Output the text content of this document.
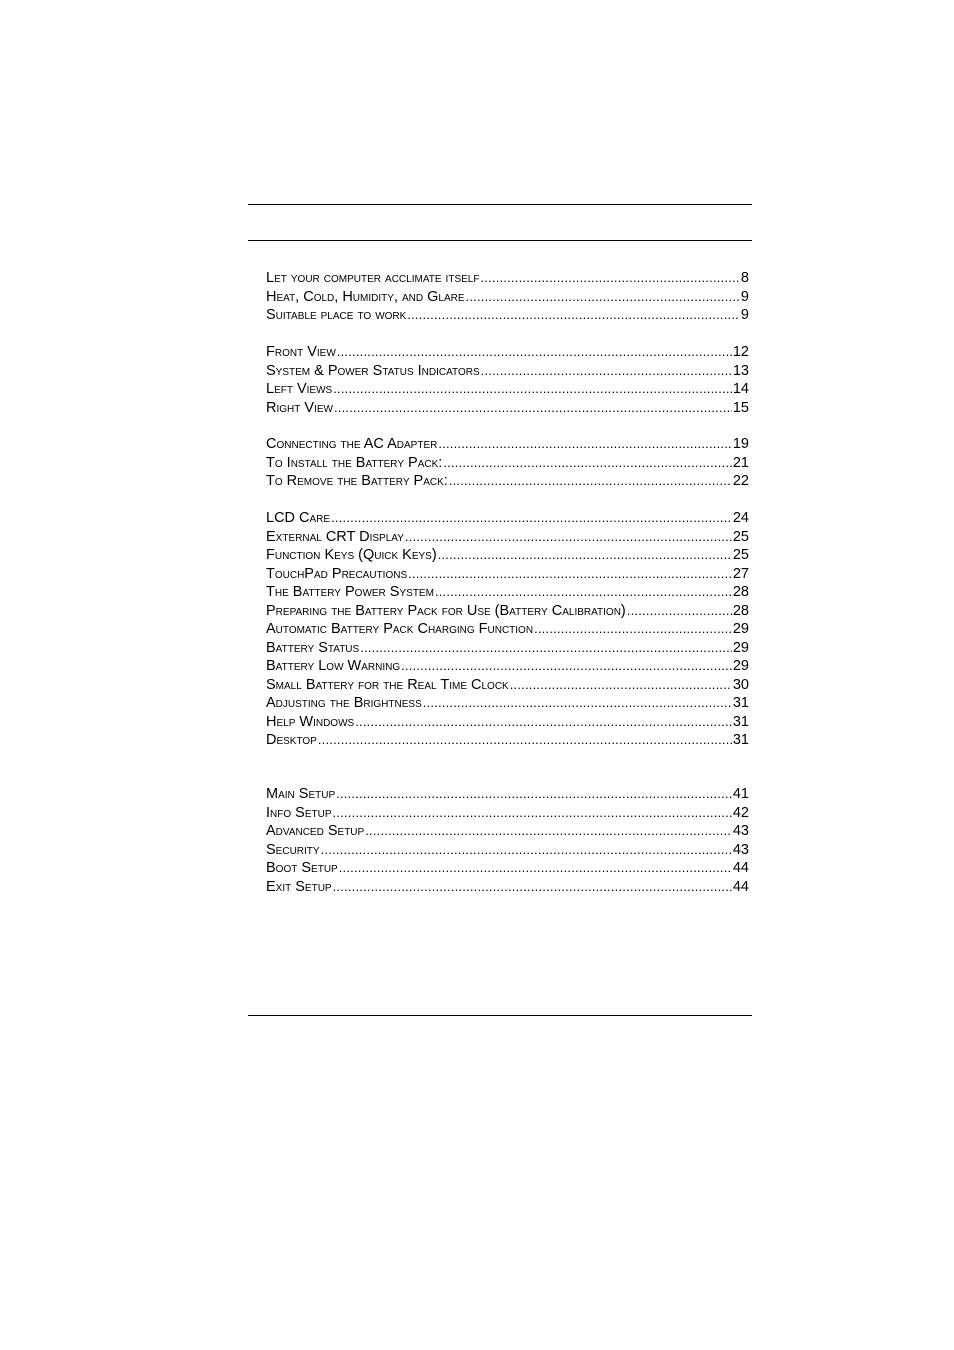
Let your computer acclimate itself .....	8
Heat, Cold, Humidity, and Glare .....	9
Suitable place to work .....	9
Front View .....	12
System & Power Status Indicators .....	13
Left Views .....	14
Right View .....	15
Connecting the AC Adapter .....	19
To Install the Battery Pack: .....	21
To Remove the Battery Pack: .....	22
LCD Care .....	24
External CRT Display .....	25
Function Keys (Quick Keys) .....	25
TouchPad Precautions .....	27
The Battery Power System .....	28
Preparing the Battery Pack for Use (Battery Calibration) .....	28
Automatic Battery Pack Charging Function .....	29
Battery Status .....	29
Battery Low Warning .....	29
Small Battery for the Real Time Clock .....	30
Adjusting the Brightness .....	31
Help Windows .....	31
Desktop .....	31
Main Setup .....	41
Info Setup .....	42
Advanced Setup .....	43
Security .....	43
Boot Setup .....	44
Exit Setup .....	44
